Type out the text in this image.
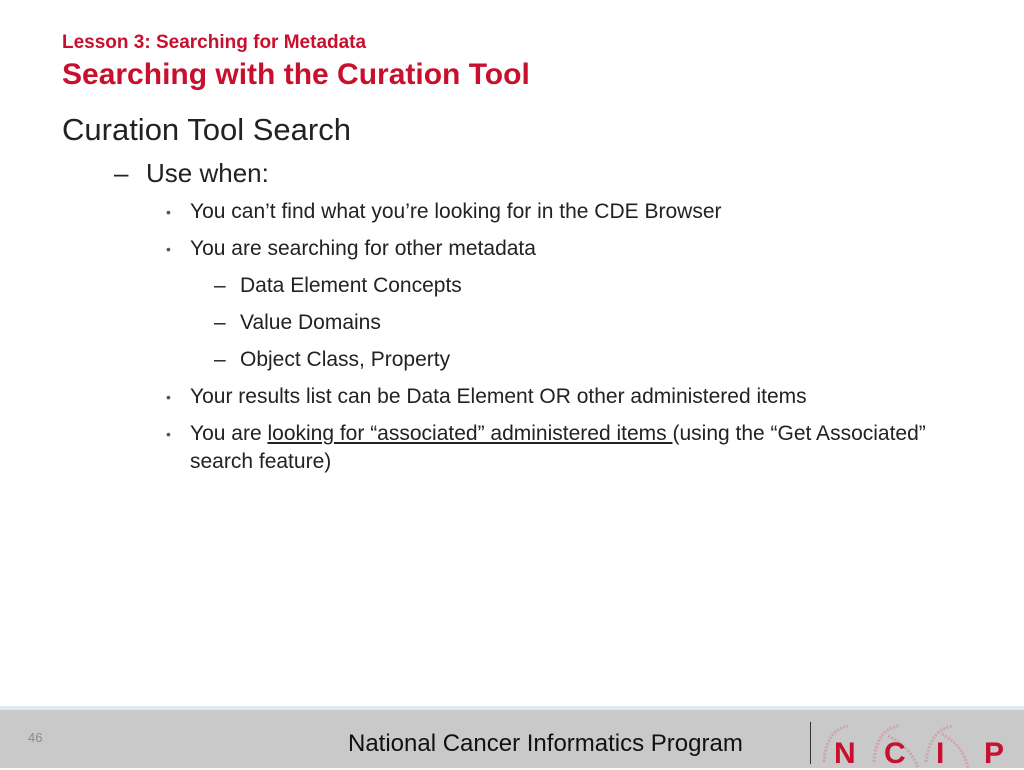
Lesson 3: Searching for Metadata
Searching with the Curation Tool

Curation Tool Search

– Use when:
• You can’t find what you’re looking for in the CDE Browser
• You are searching for other metadata
– Data Element Concepts
– Value Domains
– Object Class, Property
• Your results list can be Data Element OR other administered items
• You are looking for “associated” administered items (using the “Get Associated” search feature)
46	National Cancer Informatics Program	N C I P
